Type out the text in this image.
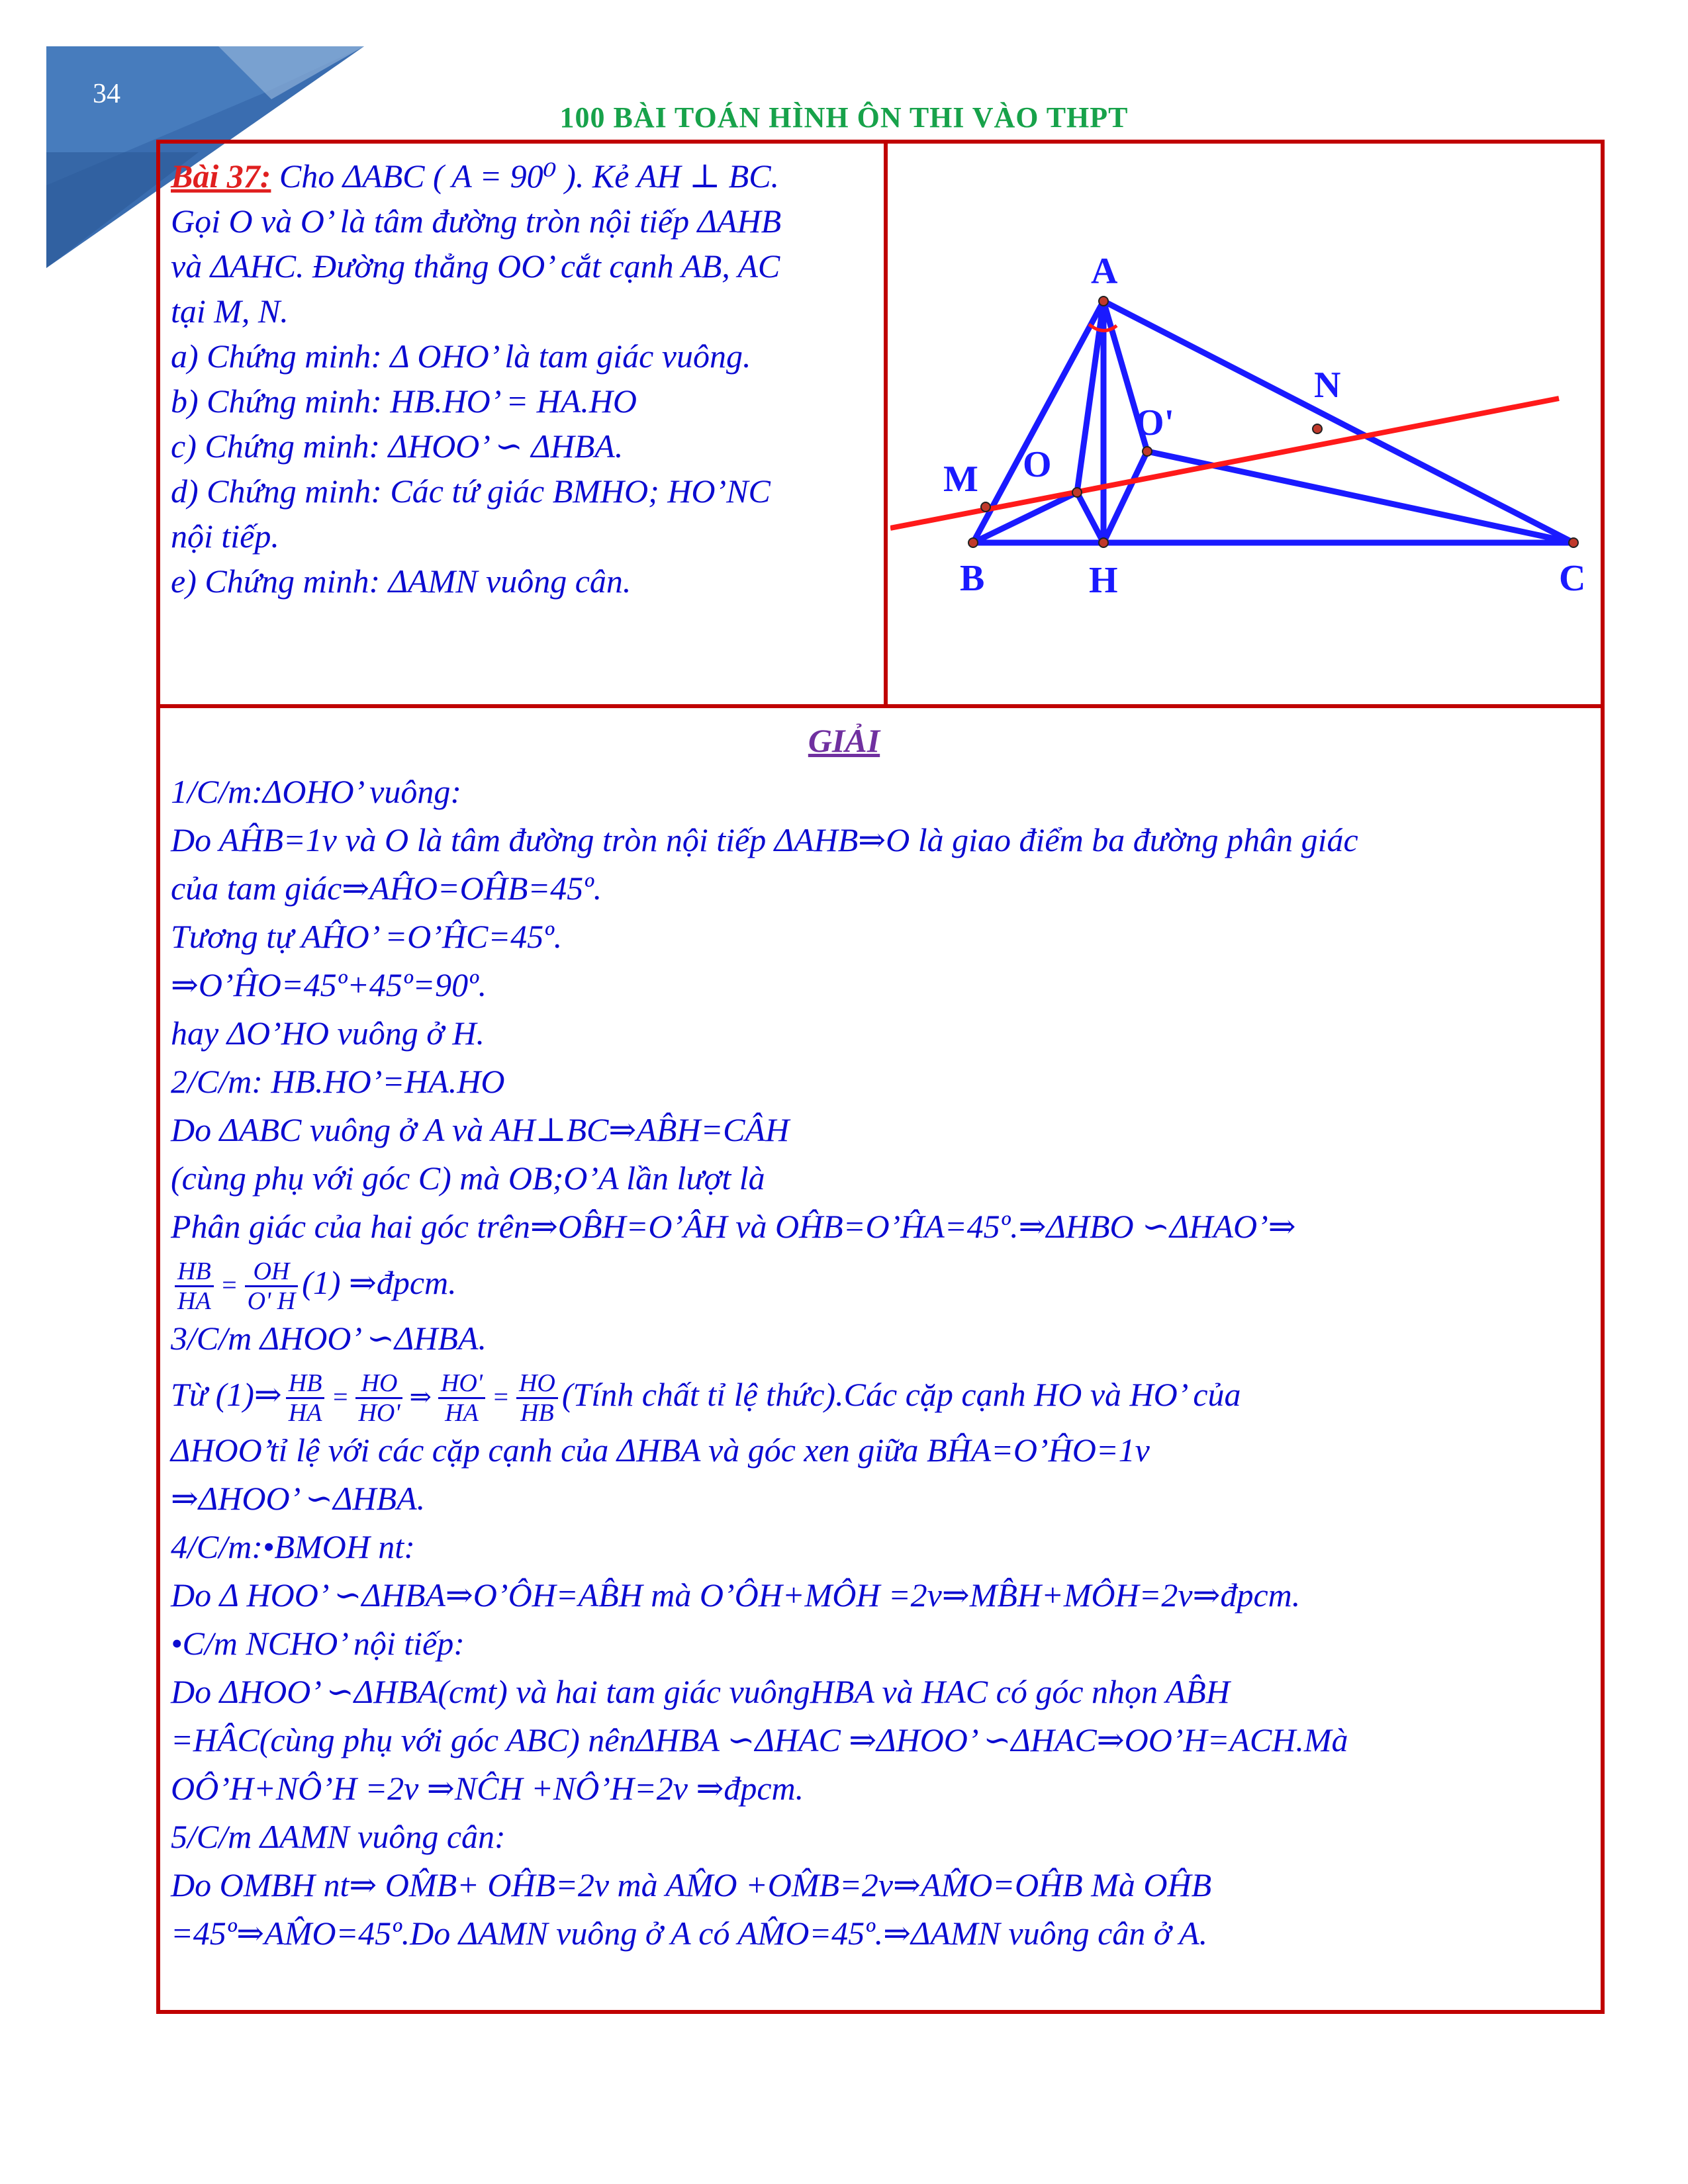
34
100 BÀI TOÁN HÌNH ÔN THI VÀO THPT

Bài 37: Cho ΔABC ( A = 90⁰ ). Kẻ AH ⊥ BC.

Gọi O và O’ là tâm đường tròn nội tiếp ΔAHB

và ΔAHC. Đường thẳng OO’ cắt cạnh AB, AC

tại M, N.

a) Chứng minh: Δ OHO’ là tam giác vuông.

b) Chứng minh: HB.HO’ = HA.HO

c) Chứng minh: ΔHOO’ ∽ ΔHBA.

d) Chứng minh: Các tứ giác BMHO; HO’NC

nội tiếp.

e) Chứng minh: ΔAMN vuông cân.

A
B	C
H
M
N
O
O'
GIẢI
1/C/m:ΔOHO’ vuông:
Do AĤB=1v và O là tâm đường tròn nội tiếp ΔAHB⇒O là giao điểm ba đường phân giác
của tam giác⇒AĤO=OĤB=45º.
Tương tự AĤO’ =O’ĤC=45º.
⇒O’ĤO=45º+45º=90º.
hay ΔO’HO vuông ở H.
2/C/m: HB.HO’=HA.HO
Do ΔABC vuông ở A và AH⊥BC⇒AB̂H=CÂH
(cùng phụ với góc C) mà OB;O’A lần lượt là
Phân giác của hai góc trên⇒OB̂H=O’ÂH và OĤB=O’ĤA=45º.⇒ΔHBO ∽ΔHAO’⇒
$\frac{HB}{HA} = \frac{OH}{O' H} (1)$ ⇒đpcm.
3/C/m ΔHOO’ ∽ΔHBA.
Từ (1)⇒ $\frac{HB}{HA} = \frac{HO}{HO'}$ ⇒ $\frac{HO'}{HA} = \frac{HO}{HB}$ (Tính chất tỉ lệ thức).Các cặp cạnh HO và HO’ của
ΔHOO’tỉ lệ với các cặp cạnh của ΔHBA và góc xen giữa BĤA=O’ĤO=1v
⇒ΔHOO’ ∽ΔHBA.
4/C/m:•BMOH nt:
Do Δ HOO’ ∽ΔHBA⇒O’ÔH=AB̂H mà O’ÔH+MÔH =2v⇒MB̂H+MÔH=2v⇒đpcm.
•C/m NCHO’ nội tiếp:
Do ΔHOO’ ∽ΔHBA(cmt) và hai tam giác vuôngHBA và HAC có góc nhọn AB̂H
=HÂC(cùng phụ với góc ABC) nênΔHBA ∽ΔHAC ⇒ΔHOO’ ∽ΔHAC⇒OO’H=ACH.Mà
OÔ’H+NÔ’H =2v ⇒NĈH +NÔ’H=2v ⇒đpcm.
5/C/m ΔAMN vuông cân:
Do OMBH nt⇒ OM̂B+ OĤB=2v mà AM̂O +OM̂B=2v⇒AM̂O=OĤB Mà OĤB
=45º⇒AM̂O=45º.Do ΔAMN vuông ở A có AM̂O=45º.⇒ΔAMN vuông cân ở A.
